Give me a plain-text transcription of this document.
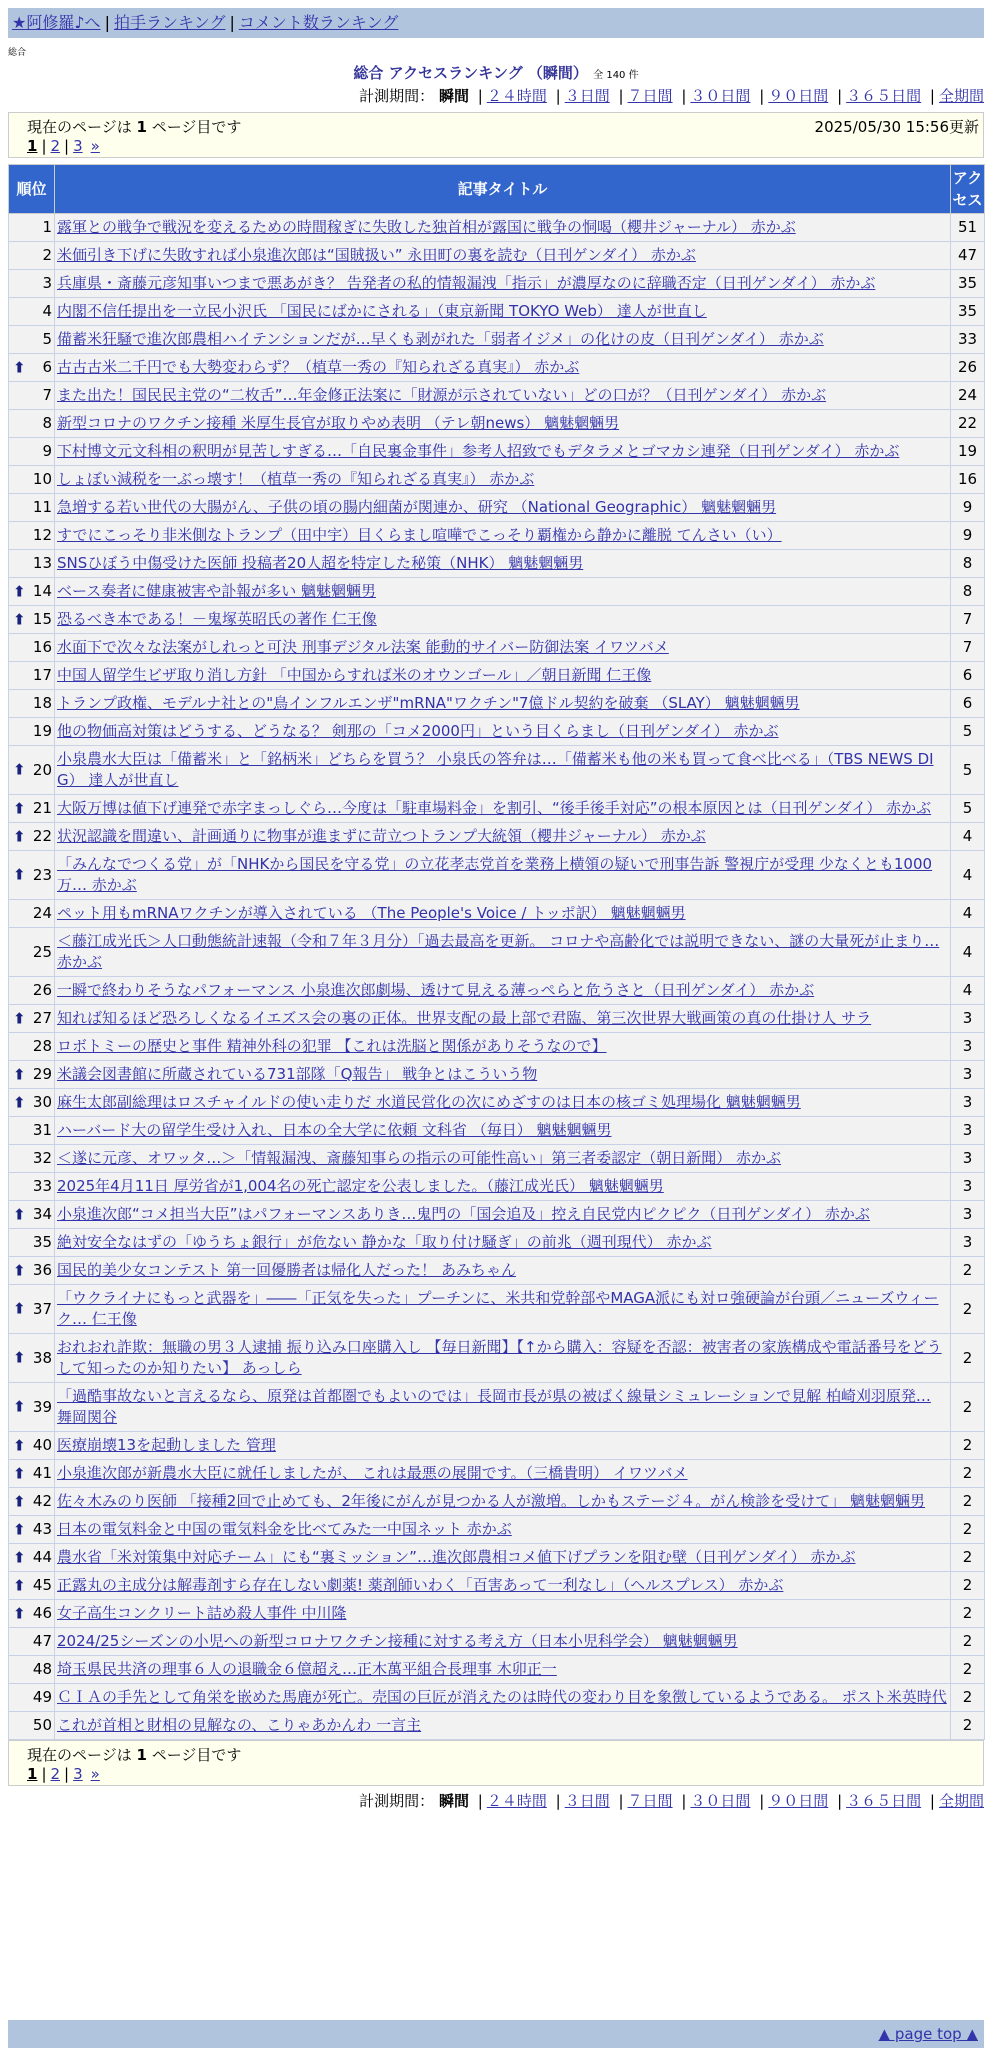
★阿修羅♪へ | 拍手ランキング | コメント数ランキング
総合
総合 アクセスランキング （瞬間） 全 140 件
計測期間： 瞬間 | ２４時間 | ３日間 | ７日間 | ３０日間 | ９０日間 | ３６５日間 | 全期間
現在のページは 1 ページ目です	2025/05/30 15:56更新
1 | 2 | 3 »
順位	記事タイトル	アクセス
1	露軍との戦争で戦況を変えるための時間稼ぎに失敗した独首相が露国に戦争の恫喝（櫻井ジャーナル） 赤かぶ	51
2	米価引き下げに失敗すれば小泉進次郎は“国賊扱い” 永田町の裏を読む（日刊ゲンダイ） 赤かぶ	47
3	兵庫県・斎藤元彦知事いつまで悪あがき？ 告発者の私的情報漏洩「指示」が濃厚なのに辞職否定（日刊ゲンダイ） 赤かぶ	35
4	内閣不信任提出を一立民小沢氏 「国民にばかにされる」（東京新聞 TOKYO Web） 達人が世直し	35
5	備蓄米狂騒で進次郎農相ハイテンションだが…早くも剥がれた「弱者イジメ」の化けの皮（日刊ゲンダイ） 赤かぶ	33

⬆ 6	古古古米二千円でも大勢変わらず？（植草一秀の『知られざる真実』） 赤かぶ	26
7	また出た！国民民主党の“二枚舌”…年金修正法案に「財源が示されていない」どの口が？（日刊ゲンダイ） 赤かぶ	24
8	新型コロナのワクチン接種 米厚生長官が取りやめ表明 （テレ朝news） 魑魅魍魎男	22
9	下村博文元文科相の釈明が見苦しすぎる…「自民裏金事件」参考人招致でもデタラメとゴマカシ連発（日刊ゲンダイ） 赤かぶ	19
10	しょぼい減税を一ぶっ壊す！（植草一秀の『知られざる真実』） 赤かぶ	16
11	急増する若い世代の大腸がん、子供の頃の腸内細菌が関連か、研究 （National Geographic） 魑魅魍魎男	9
12	すでにこっそり非米側なトランプ（田中宇）目くらまし喧嘩でこっそり覇権から静かに離脱 てんさい（い）	9
13	SNSひぼう中傷受けた医師 投稿者20人超を特定した秘策（NHK） 魑魅魍魎男	8

⬆ 14	ベース奏者に健康被害や訃報が多い 魑魅魍魎男	8

⬆ 15	恐るべき本である！－鬼塚英昭氏の著作 仁王像	7
16	水面下で次々な法案がしれっと可決 刑事デジタル法案 能動的サイバー防御法案 イワツバメ	7
17	中国人留学生ビザ取り消し方針 「中国からすれば米のオウンゴール」／朝日新聞 仁王像	6
18	トランプ政権、モデルナ社との"鳥インフルエンザ"mRNA"ワクチン"7億ドル契約を破棄 （SLAY） 魑魅魍魎男	6
19	他の物価高対策はどうする、どうなる？ 剣那の「コメ2000円」という目くらまし（日刊ゲンダイ） 赤かぶ	5

⬆ 20	小泉農水大臣は「備蓄米」と「銘柄米」どちらを買う？ 小泉氏の答弁は…「備蓄米も他の米も買って食べ比べる」（TBS NEWS DIG） 達人が世直し	5

⬆ 21	大阪万博は値下げ連発で赤字まっしぐら…今度は「駐車場料金」を割引、“後手後手対応”の根本原因とは（日刊ゲンダイ） 赤かぶ	5

⬆ 22	状況認識を間違い、計画通りに物事が進まずに苛立つトランプ大統領（櫻井ジャーナル） 赤かぶ	4

⬆ 23	「みんなでつくる党」が「NHKから国民を守る党」の立花孝志党首を業務上横領の疑いで刑事告訴 警視庁が受理 少なくとも1000万… 赤かぶ	4
24	ペット用もmRNAワクチンが導入されている （The People's Voice / トッポ訳） 魑魅魍魎男	4
25	＜藤江成光氏＞人口動態統計速報（令和７年３月分）「過去最高を更新。 コロナや高齢化では説明できない、謎の大量死が止まり… 赤かぶ	4
26	一瞬で終わりそうなパフォーマンス 小泉進次郎劇場、透けて見える薄っぺらと危うさと（日刊ゲンダイ） 赤かぶ	4

⬆ 27	知れば知るほど恐ろしくなるイエズス会の裏の正体。世界支配の最上部で君臨、第三次世界大戦画策の真の仕掛け人 サラ	3
28	ロボトミーの歴史と事件 精神外科の犯罪 【これは洗脳と関係がありそうなので】	3

⬆ 29	米議会図書館に所蔵されている731部隊「Q報告」 戦争とはこういう物	3

⬆ 30	麻生太郎副総理はロスチャイルドの使い走りだ 水道民営化の次にめざすのは日本の核ゴミ処理場化 魑魅魍魎男	3
31	ハーバード大の留学生受け入れ、日本の全大学に依頼 文科省 （毎日） 魑魅魍魎男	3
32	＜遂に元彦、オワッタ…＞「情報漏洩、斎藤知事らの指示の可能性高い」第三者委認定（朝日新聞） 赤かぶ	3
33	2025年4月11日 厚労省が1,004名の死亡認定を公表しました。（藤江成光氏） 魑魅魍魎男	3

⬆ 34	小泉進次郎“コメ担当大臣”はパフォーマンスありき…鬼門の「国会追及」控え自民党内ピクピク（日刊ゲンダイ） 赤かぶ	3
35	絶対安全なはずの「ゆうちょ銀行」が危ない 静かな「取り付け騒ぎ」の前兆（週刊現代） 赤かぶ	3

⬆ 36	国民的美少女コンテスト 第一回優勝者は帰化人だった！ あみちゃん	2

⬆ 37	「ウクライナにもっと武器を」――「正気を失った」プーチンに、米共和党幹部やMAGA派にも対ロ強硬論が台頭／ニューズウィーク… 仁王像	2

⬆ 38	おれおれ詐欺：無職の男３人逮捕 振り込み口座購入し 【毎日新聞】【↑から購入：容疑を否認：被害者の家族構成や電話番号をどうして知ったのか知りたい】 あっしら	2

⬆ 39	「過酷事故ないと言えるなら、原発は首都圏でもよいのでは」長岡市長が県の被ばく線量シミュレーションで見解 柏崎刈羽原発… 舞岡関谷	2

⬆ 40	医療崩壊13を起動しました 管理	2

⬆ 41	小泉進次郎が新農水大臣に就任しましたが、 これは最悪の展開です。（三橋貴明） イワツバメ	2

⬆ 42	佐々木みのり医師 「接種2回で止めても、2年後にがんが見つかる人が激増。しかもステージ４。がん検診を受けて」 魑魅魍魎男	2

⬆ 43	日本の電気料金と中国の電気料金を比べてみた一中国ネット 赤かぶ	2

⬆ 44	農水省「米対策集中対応チーム」にも“裏ミッション”…進次郎農相コメ値下げプランを阻む壁（日刊ゲンダイ） 赤かぶ	2

⬆ 45	正露丸の主成分は解毒剤すら存在しない劇薬! 薬剤師いわく「百害あって一利なし」（ヘルスプレス） 赤かぶ	2

⬆ 46	女子高生コンクリート詰め殺人事件 中川隆	2
47	2024/25シーズンの小児への新型コロナワクチン接種に対する考え方（日本小児科学会） 魑魅魍魎男	2
48	埼玉県民共済の理事６人の退職金６億超え…正木萬平組合長理事 木卯正一	2
49	ＣＩＡの手先として角栄を嵌めた馬鹿が死亡。売国の巨匠が消えたのは時代の変わり目を象徴しているようである。 ポスト米英時代	2
50	これが首相と財相の見解なの、こりゃあかんわ 一言主	2
現在のページは 1 ページ目です
1 | 2 | 3 »
計測期間： 瞬間 | ２４時間 | ３日間 | ７日間 | ３０日間 | ９０日間 | ３６５日間 | 全期間
▲ page top ▲
